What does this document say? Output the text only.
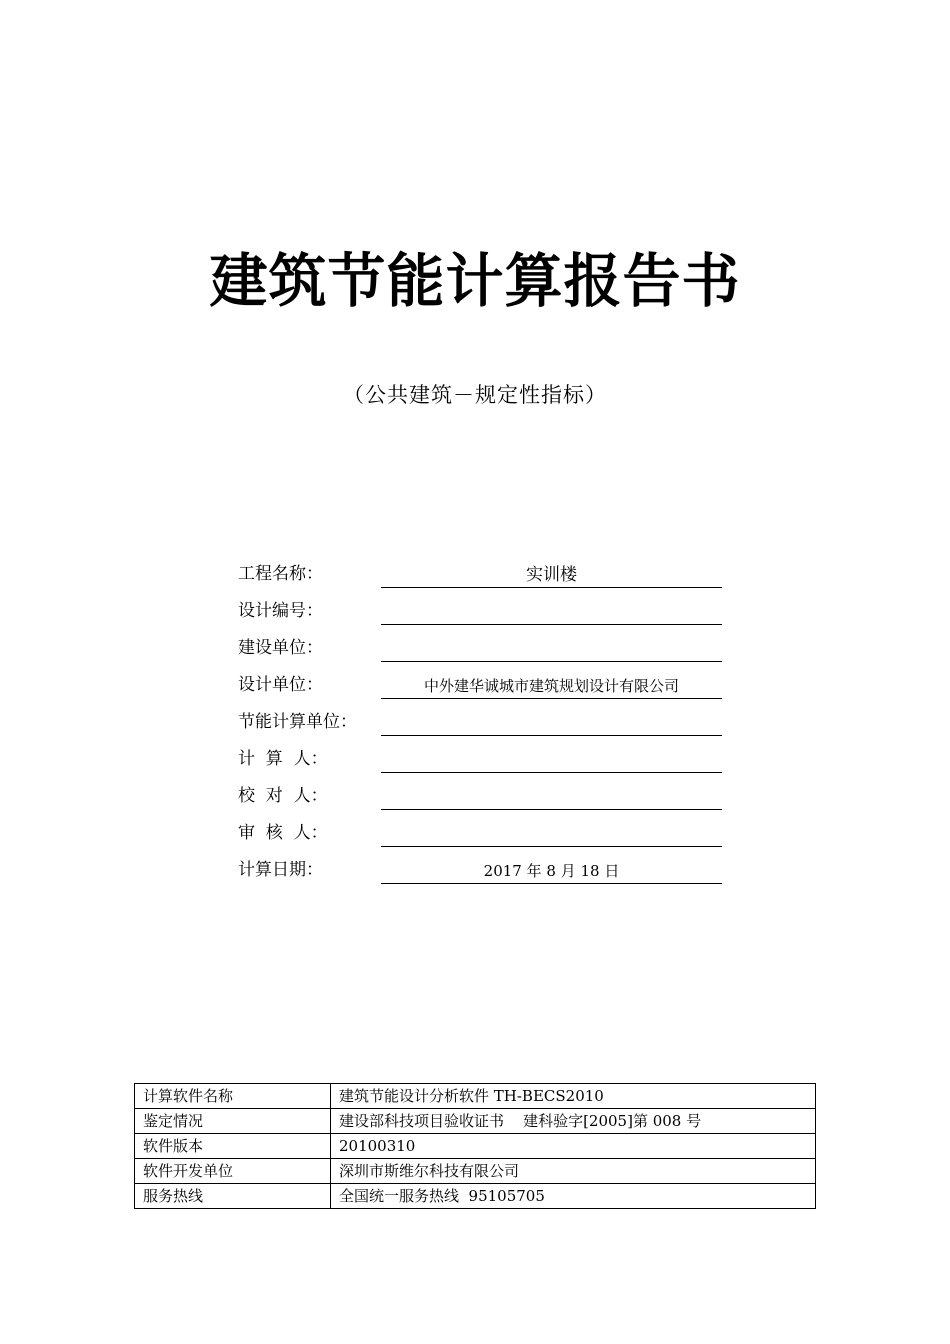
建筑节能计算报告书
（公共建筑－规定性指标）
工程名称：	实训楼
设计编号：
建设单位：
设计单位：	中外建华诚城市建筑规划设计有限公司
节能计算单位：
计  算  人：
校  对  人：
审  核  人：
计算日期：	2017 年 8 月 18 日
计算软件名称	建筑节能设计分析软件 TH-BECS2010
鉴定情况	建设部科技项目验收证书    建科验字[2005]第 008 号
软件版本	20100310
软件开发单位	深圳市斯维尔科技有限公司
服务热线	全国统一服务热线  95105705
